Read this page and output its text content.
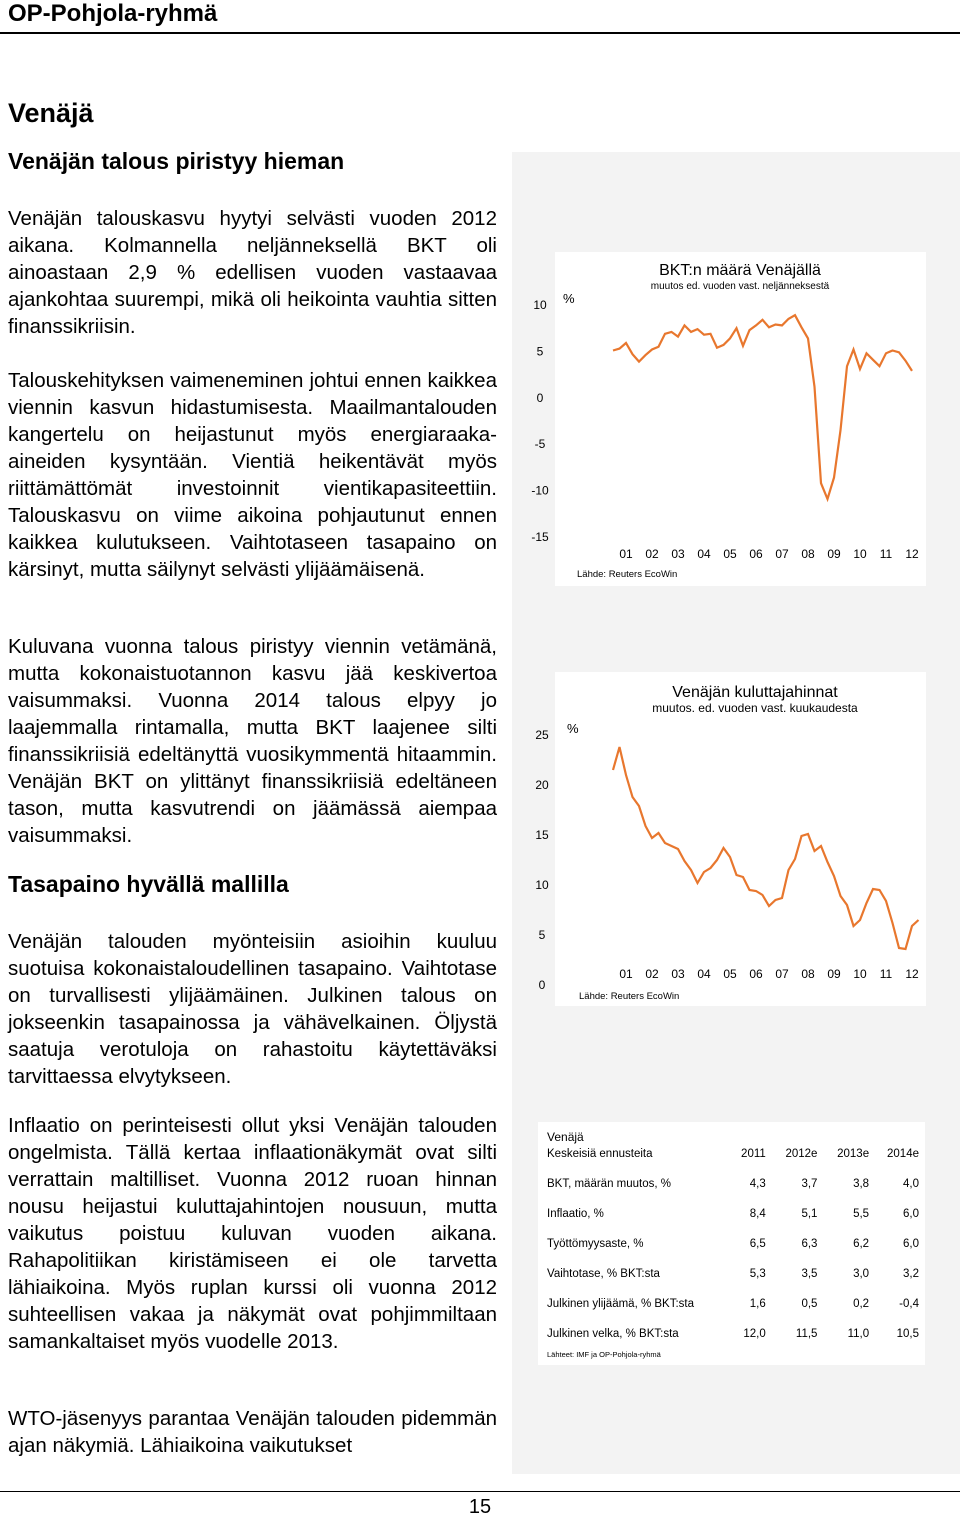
OP-Pohjola-ryhmä
Venäjä
Venäjän talous piristyy hieman

Venäjän talouskasvu hyytyi selvästi vuoden 2012 aikana. Kolmannella neljänneksellä BKT oli ainoastaan 2,9 % edellisen vuoden vastaavaa ajankohtaa suurempi, mikä oli heikointa vauhtia sitten finanssikriisin.

Talouskehityksen vaimeneminen johtui ennen kaikkea viennin kasvun hidastumisesta. Maailmantalouden kangertelu on heijastunut myös energiaraaka-aineiden kysyntään. Vientiä heikentävät myös riittämättömät investoinnit vientikapasiteettiin. Talouskasvu on viime aikoina pohjautunut ennen kaikkea kulutukseen. Vaihtotaseen tasapaino on kärsinyt, mutta säilynyt selvästi ylijäämäisenä.

Kuluvana vuonna talous piristyy viennin vetämänä, mutta kokonaistuotannon kasvu jää keskivertoa vaisummaksi. Vuonna 2014 talous elpyy jo laajemmalla rintamalla, mutta BKT laajenee silti finanssikriisiä edeltänyttä vuosikymmentä hitaammin. Venäjän BKT on ylittänyt finanssikriisiä edeltäneen tason, mutta kasvutrendi on jäämässä aiempaa vaisummaksi.

Tasapaino hyvällä mallilla

Venäjän talouden myönteisiin asioihin kuuluu suotuisa kokonaistaloudellinen tasapaino. Vaihtotase on turvallisesti ylijäämäinen. Julkinen talous on jokseenkin tasapainossa ja vähävelkainen. Öljystä saatuja verotuloja on rahastoitu käytettäväksi tarvittaessa elvytykseen.

Inflaatio on perinteisesti ollut yksi Venäjän talouden ongelmista. Tällä kertaa inflaationäkymät ovat silti verrattain maltilliset. Vuonna 2012 ruoan hinnan nousu heijastui kuluttajahintojen nousuun, mutta vaikutus poistuu kuluvan vuoden aikana. Rahapolitiikan kiristämiseen ei ole tarvetta lähiaikoina. Myös ruplan kurssi oli vuonna 2012 suhteellisen vakaa ja näkymät ovat pohjimmiltaan samankaltaiset myös vuodelle 2013.

WTO-jäsenyys parantaa Venäjän talouden pidemmän ajan näkymiä. Lähiaikoina vaikutukset

BKT:n määrä Venäjällä
muutos ed. vuoden vast. neljänneksestä
%
10
5
0
-5
-10
-15
01 02 03 04 05 06 07 08 09 10 11 12
Lähde: Reuters EcoWin
Venäjän kuluttajahinnat
muutos. ed. vuoden vast. kuukaudesta
%
25
20
15
10
5
0
01 02 03 04 05 06 07 08 09 10 11 12
Lähde: Reuters EcoWin
Venäjä
Keskeisiä ennusteita	2011	2012e	2013e	2014e
BKT, määrän muutos, %	4,3	3,7	3,8	4,0
Inflaatio, %	8,4	5,1	5,5	6,0
Työttömyysaste, %	6,5	6,3	6,2	6,0
Vaihtotase, % BKT:sta	5,3	3,5	3,0	3,2
Julkinen ylijäämä, % BKT:sta	1,6	0,5	0,2	-0,4
Julkinen velka, % BKT:sta	12,0	11,5	11,0	10,5
Lähteet: IMF ja OP-Pohjola-ryhmä
15
